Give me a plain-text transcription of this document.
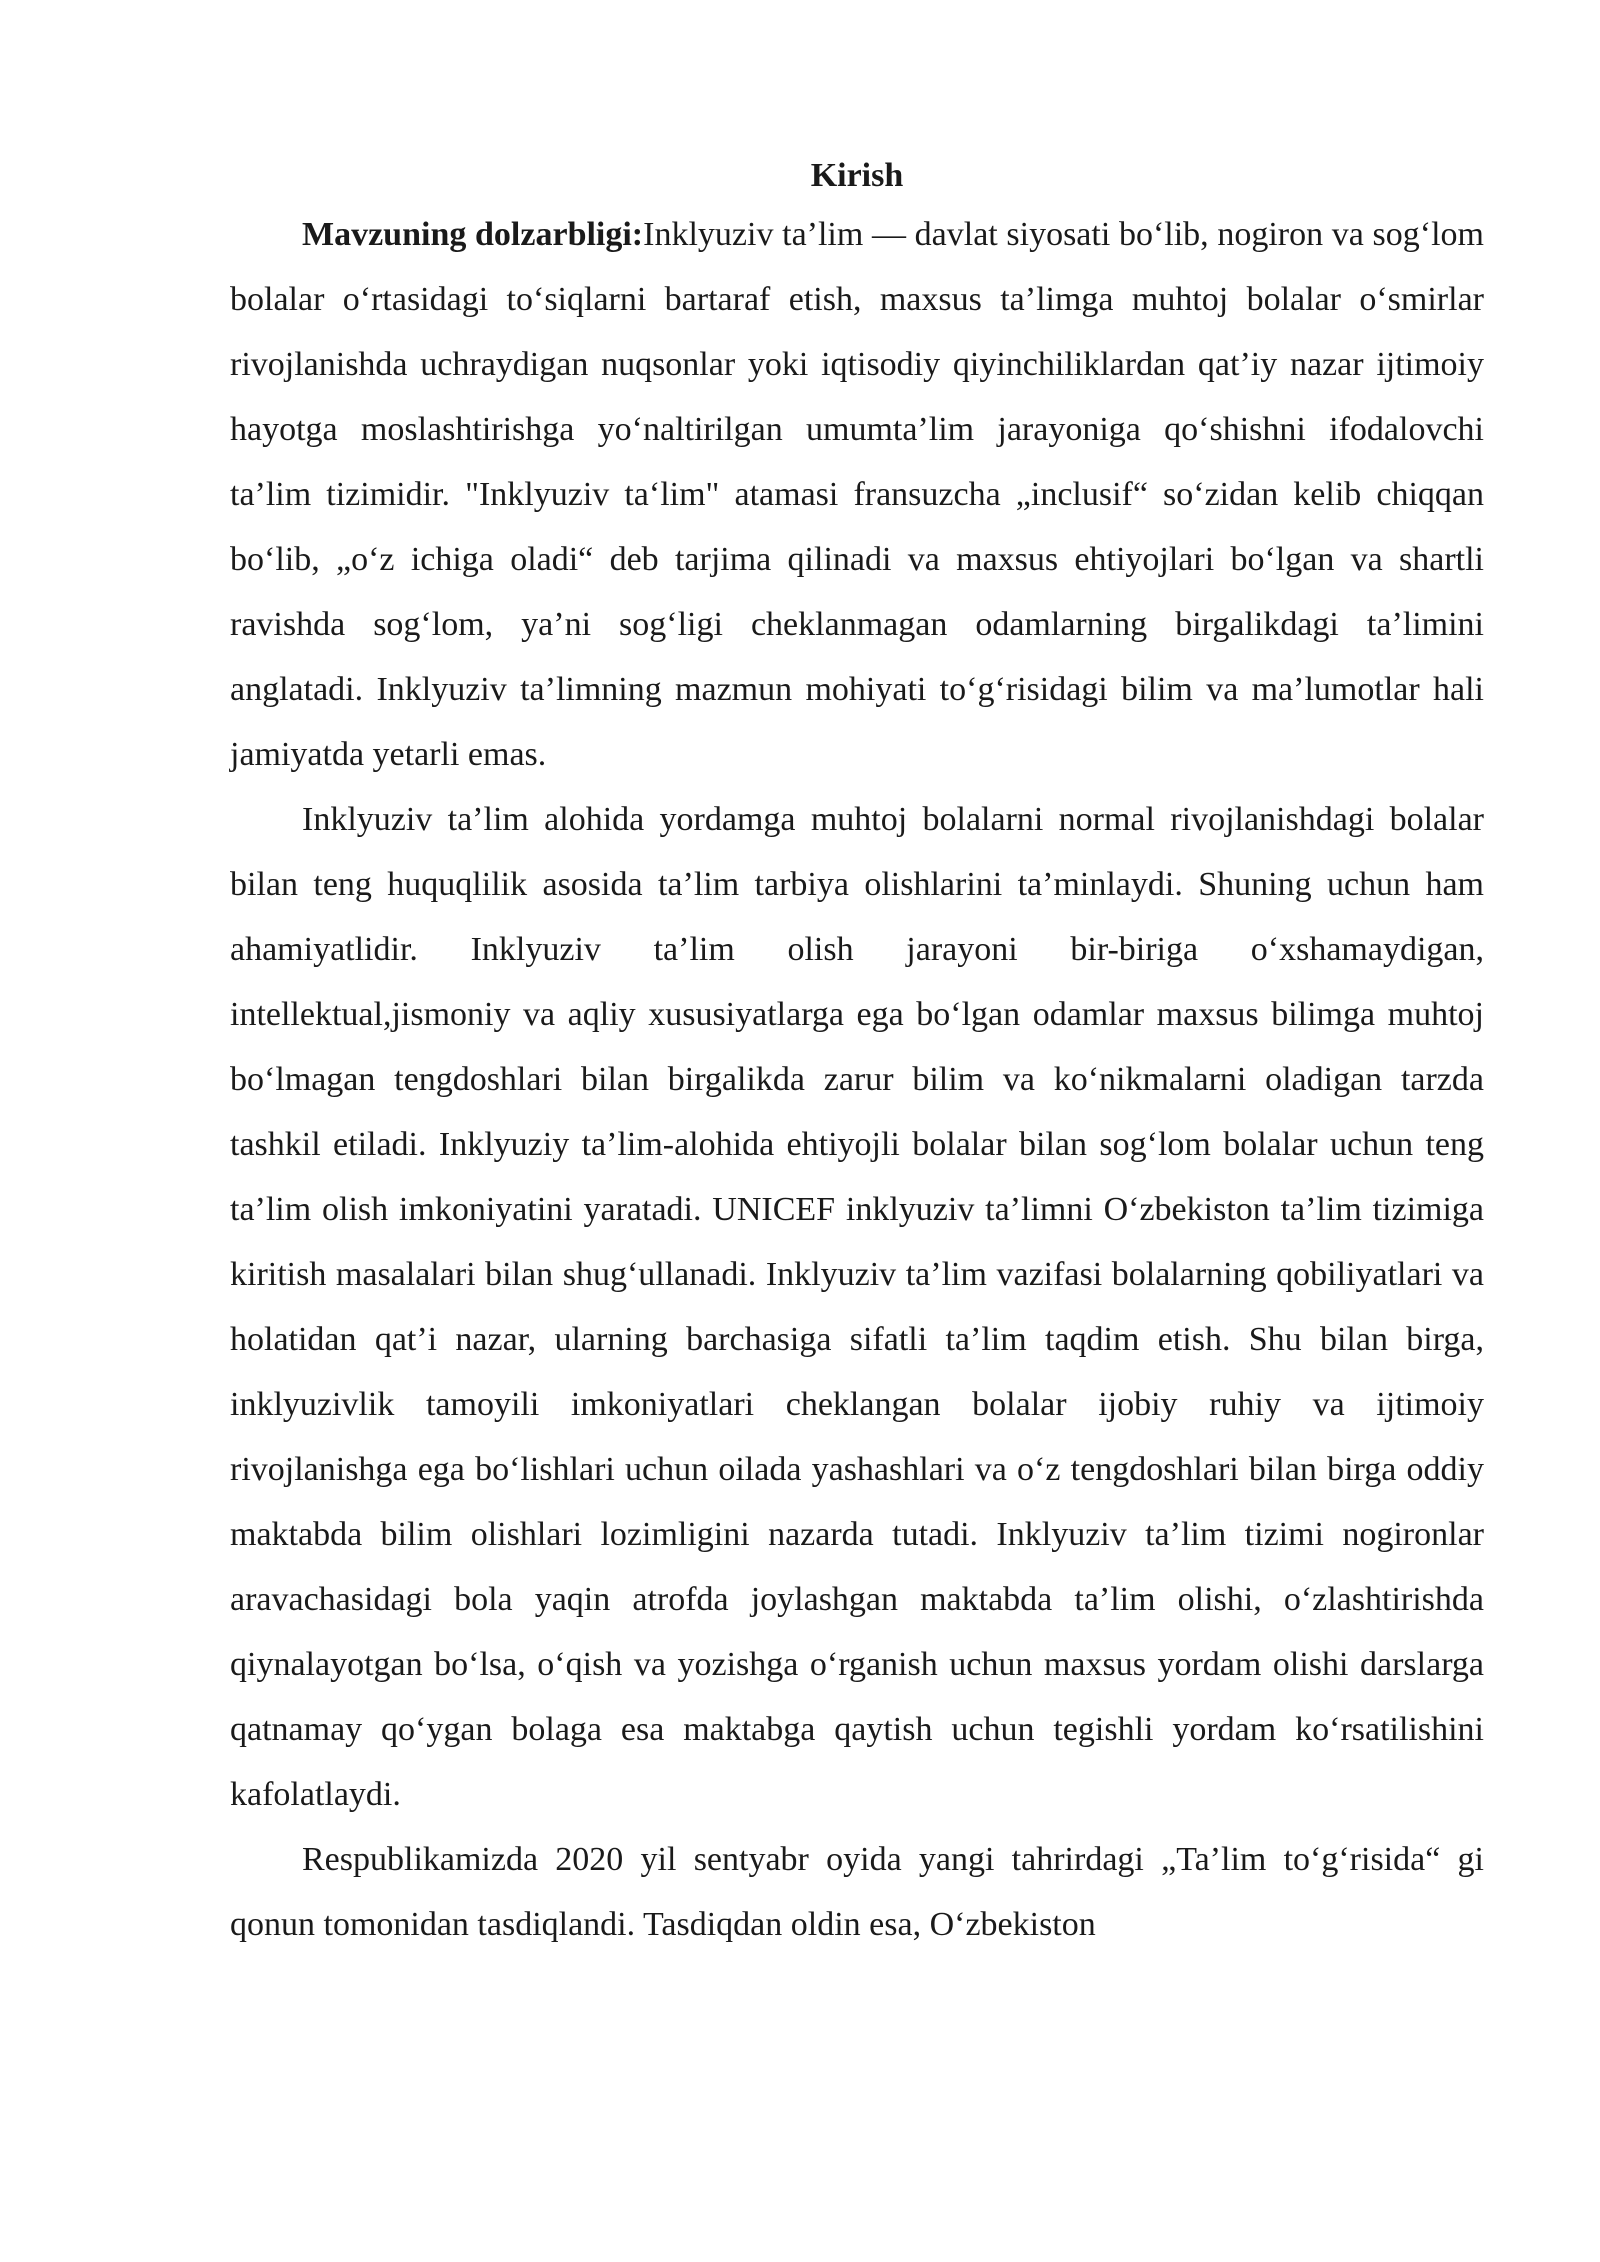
Kirish

Mavzuning dolzarbligi:Inklyuziv ta’lim — davlat siyosati bo‘lib, nogiron va sog‘lom bolalar o‘rtasidagi to‘siqlarni bartaraf etish, maxsus ta’limga muhtoj bolalar o‘smirlar rivojlanishda uchraydigan nuqsonlar yoki iqtisodiy qiyinchiliklardan qat’iy nazar ijtimoiy hayotga moslashtirishga yo‘naltirilgan umumta’lim jarayoniga qo‘shishni ifodalovchi ta’lim tizimidir. "Inklyuziv ta‘lim" atamasi fransuzcha „inclusif“ so‘zidan kelib chiqqan bo‘lib, „o‘z ichiga oladi“ deb tarjima qilinadi va maxsus ehtiyojlari bo‘lgan va shartli ravishda sog‘lom, ya’ni sog‘ligi cheklanmagan odamlarning birgalikdagi ta’limini anglatadi. Inklyuziv ta’limning mazmun mohiyati to‘g‘risidagi bilim va ma’lumotlar hali jamiyatda yetarli emas.

Inklyuziv ta’lim alohida yordamga muhtoj bolalarni normal rivojlanishdagi bolalar bilan teng huquqlilik asosida ta’lim tarbiya olishlarini ta’minlaydi. Shuning uchun ham ahamiyatlidir. Inklyuziv ta’lim olish jarayoni bir-biriga o‘xshamaydigan, intellektual,jismoniy va aqliy xususiyatlarga ega bo‘lgan odamlar maxsus bilimga muhtoj bo‘lmagan tengdoshlari bilan birgalikda zarur bilim va ko‘nikmalarni oladigan tarzda tashkil etiladi. Inklyuziy ta’lim-alohida ehtiyojli bolalar bilan sog‘lom bolalar uchun teng ta’lim olish imkoniyatini yaratadi. UNICEF inklyuziv ta’limni O‘zbekiston ta’lim tizimiga kiritish masalalari bilan shug‘ullanadi. Inklyuziv ta’lim vazifasi bolalarning qobiliyatlari va holatidan qat’i nazar, ularning barchasiga sifatli ta’lim taqdim etish. Shu bilan birga, inklyuzivlik tamoyili imkoniyatlari cheklangan bolalar ijobiy ruhiy va ijtimoiy rivojlanishga ega bo‘lishlari uchun oilada yashashlari va o‘z tengdoshlari bilan birga oddiy maktabda bilim olishlari lozimligini nazarda tutadi. Inklyuziv ta’lim tizimi nogironlar aravachasidagi bola yaqin atrofda joylashgan maktabda ta’lim olishi, o‘zlashtirishda qiynalayotgan bo‘lsa, o‘qish va yozishga o‘rganish uchun maxsus yordam olishi darslarga qatnamay qo‘ygan bolaga esa maktabga qaytish uchun tegishli yordam ko‘rsatilishini kafolatlaydi.

Respublikamizda 2020 yil sentyabr oyida yangi tahrirdagi „Ta’lim to‘g‘risida“ gi qonun tomonidan tasdiqlandi. Tasdiqdan oldin esa, O‘zbekiston
